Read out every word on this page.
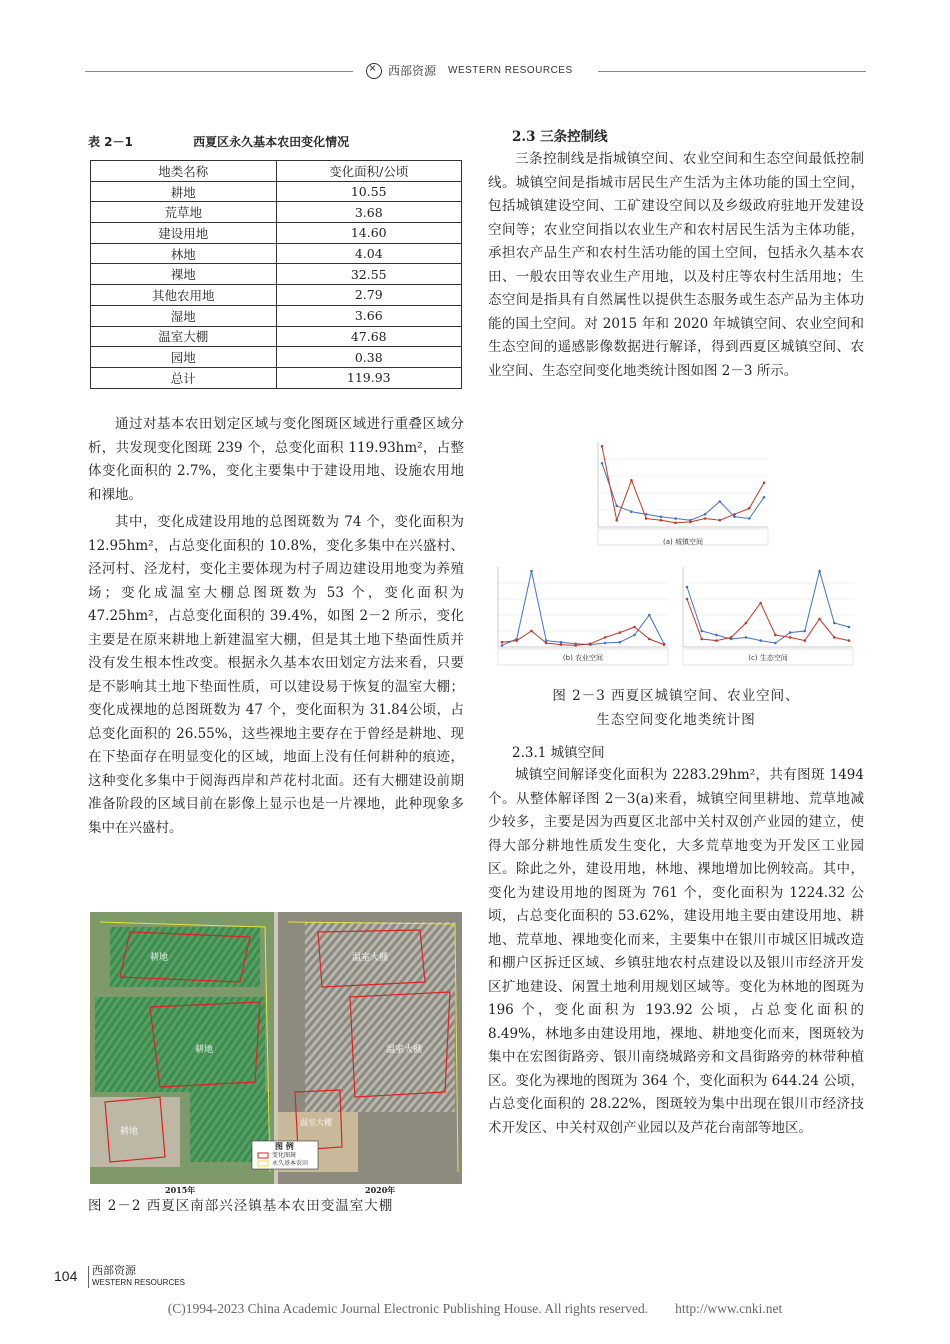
×
西部资源 WESTERN RESOURCES
表 2－1	西夏区永久基本农田变化情况
地类名称	变化面积/公顷
耕地	10.55
荒草地	3.68
建设用地	14.60
林地	4.04
裸地	32.55
其他农用地	2.79
湿地	3.66
温室大棚	47.68
园地	0.38
总计	119.93

通过对基本农田划定区域与变化图斑区域进行重叠区域分析，共发现变化图斑 239 个，总变化面积 119.93hm²，占整体变化面积的 2.7%，变化主要集中于建设用地、设施农用地和裸地。

其中，变化成建设用地的总图斑数为 74 个，变化面积为 12.95hm²，占总变化面积的 10.8%，变化多集中在兴盛村、泾河村、泾龙村，变化主要体现为村子周边建设用地变为养殖场；变化成温室大棚总图斑数为 53 个，变化面积为 47.25hm²，占总变化面积的 39.4%，如图 2－2 所示，变化主要是在原来耕地上新建温室大棚，但是其土地下垫面性质并没有发生根本性改变。根据永久基本农田划定方法来看，只要是不影响其土地下垫面性质，可以建设易于恢复的温室大棚；变化成裸地的总图斑数为 47 个，变化面积为 31.84公顷，占总变化面积的 26.55%，这些裸地主要存在于曾经是耕地、现在下垫面存在明显变化的区域，地面上没有任何耕种的痕迹，这种变化多集中于阅海西岸和芦花村北面。还有大棚建设前期准备阶段的区域目前在影像上显示也是一片裸地，此种现象多集中在兴盛村。

耕地
耕地
耕地
温室大棚
温室大棚
温室大棚
图 例
变化图斑
永久基本农田
2015年	2020年
图 2－2 西夏区南部兴泾镇基本农田变温室大棚
2.3 三条控制线

三条控制线是指城镇空间、农业空间和生态空间最低控制线。城镇空间是指城市居民生产生活为主体功能的国土空间，包括城镇建设空间、工矿建设空间以及乡级政府驻地开发建设空间等；农业空间指以农业生产和农村居民生活为主体功能，承担农产品生产和农村生活功能的国土空间，包括永久基本农田、一般农田等农业生产用地，以及村庄等农村生活用地；生态空间是指具有自然属性以提供生态服务或生态产品为主体功能的国土空间。对 2015 年和 2020 年城镇空间、农业空间和生态空间的遥感影像数据进行解译，得到西夏区城镇空间、农业空间、生态空间变化地类统计图如图 2－3 所示。

(a) 城镇空间
(b) 农业空间	(c) 生态空间
图 2－3 西夏区城镇空间、农业空间、
生态空间变化地类统计图
2.3.1 城镇空间

城镇空间解译变化面积为 2283.29hm²，共有图斑 1494 个。从整体解译图 2－3(a)来看，城镇空间里耕地、荒草地减少较多，主要是因为西夏区北部中关村双创产业园的建立，使得大部分耕地性质发生变化，大多荒草地变为开发区工业园区。除此之外，建设用地，林地、裸地增加比例较高。其中，变化为建设用地的图斑为 761 个，变化面积为 1224.32 公顷，占总变化面积的 53.62%，建设用地主要由建设用地、耕地、荒草地、裸地变化而来，主要集中在银川市城区旧城改造和棚户区拆迁区域、乡镇驻地农村点建设以及银川市经济开发区扩地建设、闲置土地利用规划区域等。变化为林地的图斑为 196 个，变化面积为 193.92 公顷，占总变化面积的 8.49%，林地多由建设用地，裸地、耕地变化而来，图斑较为集中在宏图街路旁、银川南绕城路旁和文昌街路旁的林带种植区。变化为裸地的图斑为 364 个，变化面积为 644.24 公顷，占总变化面积的 28.22%，图斑较为集中出现在银川市经济技术开发区、中关村双创产业园以及芦花台南部等地区。

104 西部资源
WESTERN RESOURCES
(C)1994-2023 China Academic Journal Electronic Publishing House. All rights reserved.　　http://www.cnki.net
